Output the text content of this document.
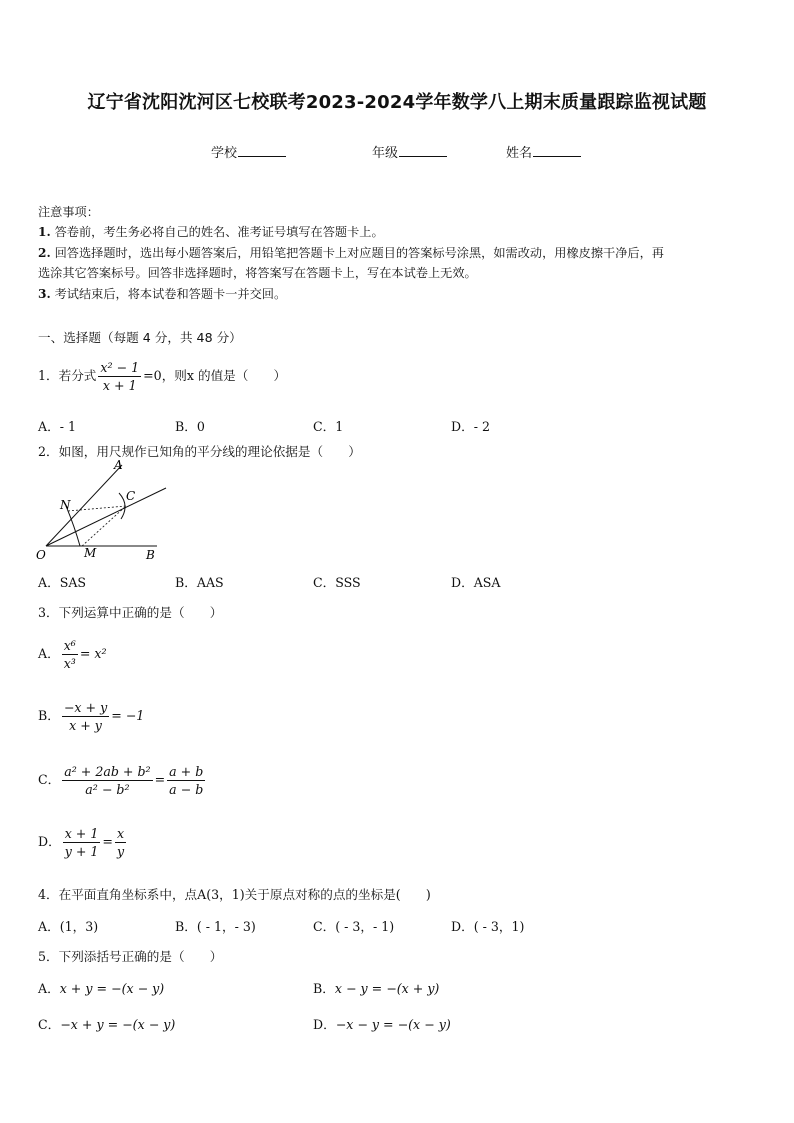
辽宁省沈阳沈河区七校联考2023-2024学年数学八上期末质量跟踪监视试题
学校	年级	姓名
注意事项：
1. 答卷前，考生务必将自己的姓名、准考证号填写在答题卡上。
2. 回答选择题时，选出每小题答案后，用铅笔把答题卡上对应题目的答案标号涂黑，如需改动，用橡皮擦干净后，再
选涂其它答案标号。回答非选择题时，将答案写在答题卡上，写在本试卷上无效。
3. 考试结束后，将本试卷和答题卡一并交回。
一、选择题（每题 4 分，共 48 分）
1．若分式 $\frac{\text{x² − 1}}{x + 1} =0$，则x 的值是（　　）
A．- 1	B．0	C．1	D．- 2
2．如图，用尺规作已知角的平分线的理论依据是（　　）
A
C
N
O	M	B
A．SAS	B．AAS	C．SSS	D．ASA
3．下列运算中正确的是（　　）
A． $\frac{\text{x⁶}}{\text{x³}} = x^2$
B． $\frac{-x + y}{x + y} = -1$
C． $\frac{\text{a² + 2ab + b²}}{\text{a² − b²}} = \frac{a + b}{a - b}$
D． $\frac{x + 1}{y + 1} = \frac{x}{y}$
4．在平面直角坐标系中，点A(3，1)关于原点对称的点的坐标是(　　)
A．(1，3)	B．( - 1，- 3)	C．( - 3，- 1)	D．( - 3，1)
5．下列添括号正确的是（　　）
A．x + y = −(x − y)	B．x − y = −(x + y)
C．−x + y = −(x − y)	D．−x − y = −(x − y)
